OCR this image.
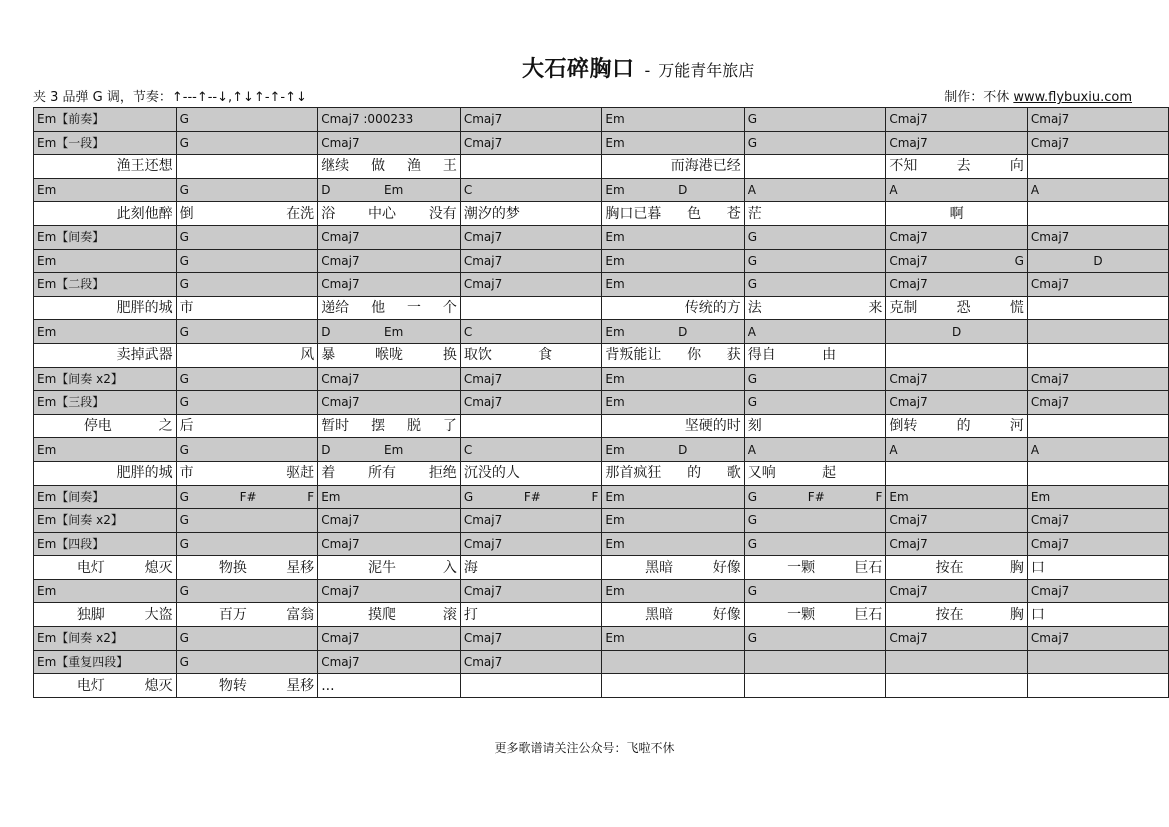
大石碎胸口 - 万能青年旅店
夹 3 品弹 G 调，节奏：↑---↑--↓,↑↓↑-↑-↑↓	制作：不休 www.flybuxiu.com
Em【前奏】	G	Cmaj7 :000233	Cmaj7	Em	G	Cmaj7	Cmaj7
Em【一段】	G	Cmaj7	Cmaj7	Em	G	Cmaj7	Cmaj7

渔王还想		继续 做 渔 王		而海港已经		不知 去 向	

Em	G	D Em	C	Em D	A	A	A

此刻他醉	倒 在洗	浴 中心 没有	潮汐的梦	胸口已暮 色 苍	茫	啊	

Em【间奏】	G	Cmaj7	Cmaj7	Em	G	Cmaj7	Cmaj7
Em	G	Cmaj7	Cmaj7	Em	G	Cmaj7 G	D

Em【二段】	G	Cmaj7	Cmaj7	Em	G	Cmaj7	Cmaj7

肥胖的城	市	递给 他 一 个		传统的方	法 来	克制 恐 慌	

Em	G	D Em	C	Em D	A	D	

卖掉武器	风	暴 喉咙 换	取饮 食	背叛能让 你 获	得自 由		

Em【间奏 x2】	G	Cmaj7	Cmaj7	Em	G	Cmaj7	Cmaj7
Em【三段】	G	Cmaj7	Cmaj7	Em	G	Cmaj7	Cmaj7

停电 之	后	暂时 摆 脱 了		坚硬的时	刻	倒转 的 河	

Em	G	D Em	C	Em D	A	A	A

肥胖的城	市 驱赶	着 所有 拒绝	沉没的人	那首疯狂 的 歌	又响 起		

Em【间奏】	G F# F	Em	G F# F	Em	G F# F	Em	Em
Em【间奏 x2】	G	Cmaj7	Cmaj7	Em	G	Cmaj7	Cmaj7
Em【四段】	G	Cmaj7	Cmaj7	Em	G	Cmaj7	Cmaj7

电灯 熄灭	物换 星移	泥牛 入	海	黑暗 好像	一颗 巨石	按在 胸	口
Em	G	Cmaj7	Cmaj7	Em	G	Cmaj7	Cmaj7

独脚 大盗	百万 富翁	摸爬 滚	打	黑暗 好像	一颗 巨石	按在 胸	口
Em【间奏 x2】	G	Cmaj7	Cmaj7	Em	G	Cmaj7	Cmaj7
Em【重复四段】	G	Cmaj7	Cmaj7				

电灯 熄灭	物转 星移	...					
更多歌谱请关注公众号：飞啦不休
